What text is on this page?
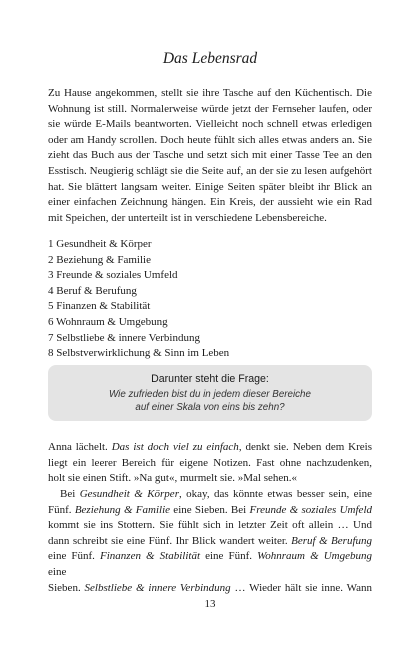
Das Lebensrad

Zu Hause angekommen, stellt sie ihre Tasche auf den Küchentisch. Die Wohnung ist still. Normalerweise würde jetzt der Fernseher laufen, oder sie würde E-Mails beantworten. Vielleicht noch schnell etwas erledigen oder am Handy scrollen. Doch heute fühlt sich alles etwas anders an. Sie zieht das Buch aus der Tasche und setzt sich mit einer Tasse Tee an den Esstisch. Neugierig schlägt sie die Seite auf, an der sie zu lesen aufgehört hat. Sie blättert langsam weiter. Einige Seiten später bleibt ihr Blick an einer einfachen Zeichnung hängen. Ein Kreis, der aussieht wie ein Rad mit Speichen, der unterteilt ist in verschiedene Lebensbereiche.

1 Gesundheit & Körper
2 Beziehung & Familie
3 Freunde & soziales Umfeld
4 Beruf & Berufung
5 Finanzen & Stabilität
6 Wohnraum & Umgebung
7 Selbstliebe & innere Verbindung
8 Selbstverwirklichung & Sinn im Leben
Darunter steht die Frage:
Wie zufrieden bist du in jedem dieser Bereiche
auf einer Skala von eins bis zehn?
Anna lächelt. Das ist doch viel zu einfach, denkt sie. Neben dem Kreis
liegt ein leerer Bereich für eigene Notizen. Fast ohne nachzudenken,
holt sie einen Stift. »Na gut«, murmelt sie. »Mal sehen.«
Bei Gesundheit & Körper, okay, das könnte etwas besser sein, eine
Fünf. Beziehung & Familie eine Sieben. Bei Freunde & soziales Umfeld
kommt sie ins Stottern. Sie fühlt sich in letzter Zeit oft allein … Und
dann schreibt sie eine Fünf. Ihr Blick wandert weiter. Beruf & Berufung
eine Fünf. Finanzen & Stabilität eine Fünf. Wohnraum & Umgebung eine
Sieben. Selbstliebe & innere Verbindung … Wieder hält sie inne. Wann
13
